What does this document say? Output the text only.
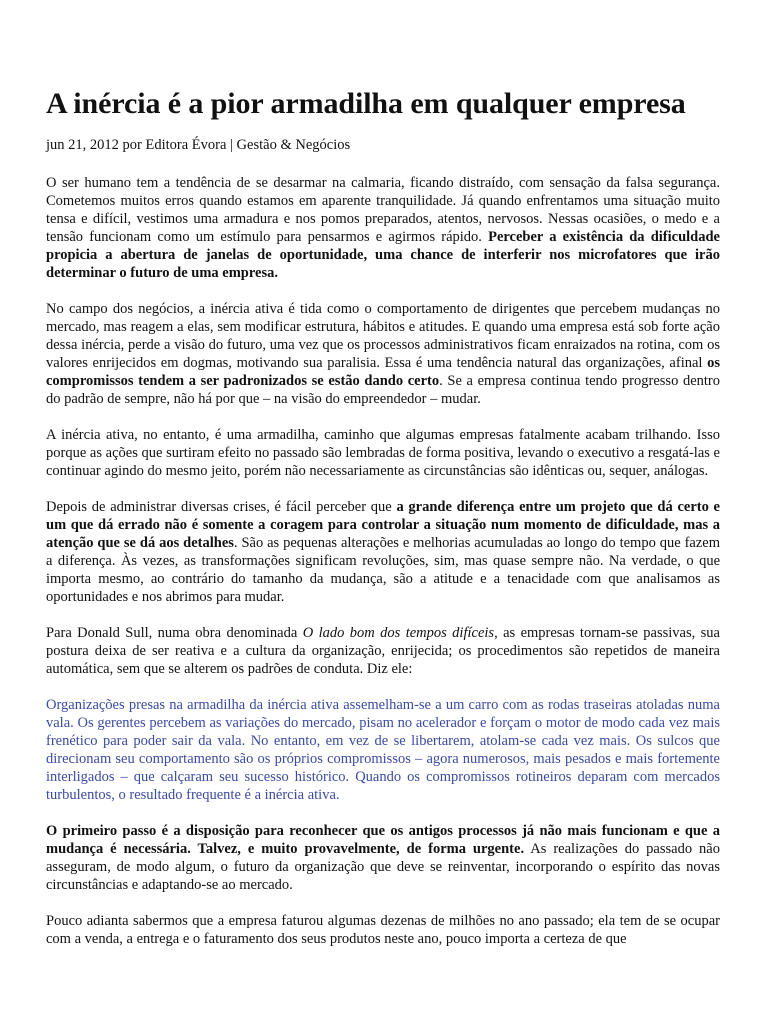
A inércia é a pior armadilha em qualquer empresa
jun 21, 2012 por Editora Évora | Gestão & Negócios

O ser humano tem a tendência de se desarmar na calmaria, ficando distraído, com sensação da falsa segurança. Cometemos muitos erros quando estamos em aparente tranquilidade. Já quando enfrentamos uma situação muito tensa e difícil, vestimos uma armadura e nos pomos preparados, atentos, nervosos. Nessas ocasiões, o medo e a tensão funcionam como um estímulo para pensarmos e agirmos rápido. Perceber a existência da dificuldade propicia a abertura de janelas de oportunidade, uma chance de interferir nos microfatores que irão determinar o futuro de uma empresa.

No campo dos negócios, a inércia ativa é tida como o comportamento de dirigentes que percebem mudanças no mercado, mas reagem a elas, sem modificar estrutura, hábitos e atitudes. E quando uma empresa está sob forte ação dessa inércia, perde a visão do futuro, uma vez que os processos administrativos ficam enraizados na rotina, com os valores enrijecidos em dogmas, motivando sua paralisia. Essa é uma tendência natural das organizações, afinal os compromissos tendem a ser padronizados se estão dando certo. Se a empresa continua tendo progresso dentro do padrão de sempre, não há por que – na visão do empreendedor – mudar.

A inércia ativa, no entanto, é uma armadilha, caminho que algumas empresas fatalmente acabam trilhando. Isso porque as ações que surtiram efeito no passado são lembradas de forma positiva, levando o executivo a resgatá-las e continuar agindo do mesmo jeito, porém não necessariamente as circunstâncias são idênticas ou, sequer, análogas.

Depois de administrar diversas crises, é fácil perceber que a grande diferença entre um projeto que dá certo e um que dá errado não é somente a coragem para controlar a situação num momento de dificuldade, mas a atenção que se dá aos detalhes. São as pequenas alterações e melhorias acumuladas ao longo do tempo que fazem a diferença. Às vezes, as transformações significam revoluções, sim, mas quase sempre não. Na verdade, o que importa mesmo, ao contrário do tamanho da mudança, são a atitude e a tenacidade com que analisamos as oportunidades e nos abrimos para mudar.

Para Donald Sull, numa obra denominada O lado bom dos tempos difíceis, as empresas tornam-se passivas, sua postura deixa de ser reativa e a cultura da organização, enrijecida; os procedimentos são repetidos de maneira automática, sem que se alterem os padrões de conduta. Diz ele:

Organizações presas na armadilha da inércia ativa assemelham-se a um carro com as rodas traseiras atoladas numa vala. Os gerentes percebem as variações do mercado, pisam no acelerador e forçam o motor de modo cada vez mais frenético para poder sair da vala. No entanto, em vez de se libertarem, atolam-se cada vez mais. Os sulcos que direcionam seu comportamento são os próprios compromissos – agora numerosos, mais pesados e mais fortemente interligados – que calçaram seu sucesso histórico. Quando os compromissos rotineiros deparam com mercados turbulentos, o resultado frequente é a inércia ativa.

O primeiro passo é a disposição para reconhecer que os antigos processos já não mais funcionam e que a mudança é necessária. Talvez, e muito provavelmente, de forma urgente. As realizações do passado não asseguram, de modo algum, o futuro da organização que deve se reinventar, incorporando o espírito das novas circunstâncias e adaptando-se ao mercado.

Pouco adianta sabermos que a empresa faturou algumas dezenas de milhões no ano passado; ela tem de se ocupar com a venda, a entrega e o faturamento dos seus produtos neste ano, pouco importa a certeza de que
